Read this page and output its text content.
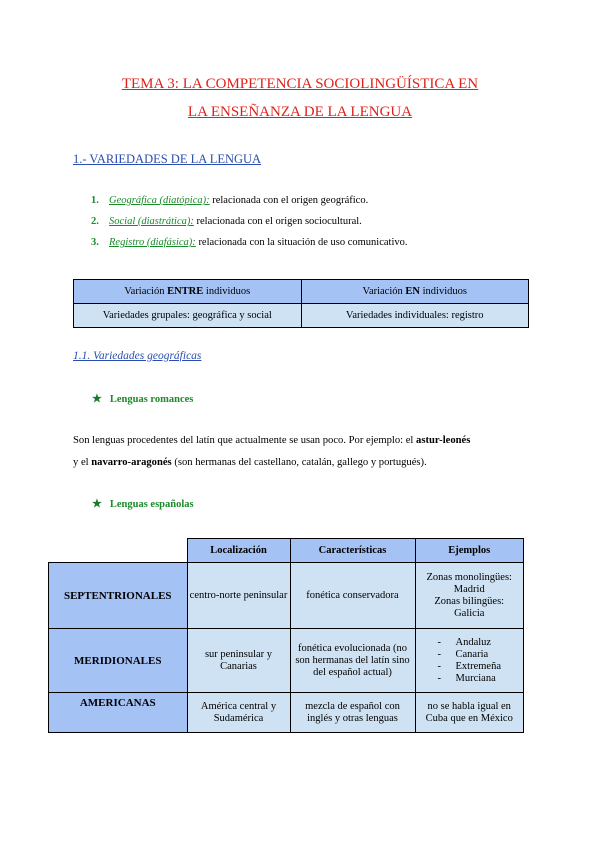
TEMA 3: LA COMPETENCIA SOCIOLINGÜÍSTICA EN
LA ENSEÑANZA DE LA LENGUA
1.- VARIEDADES DE LA LENGUA
1. Geográfica (diatópica): relacionada con el origen geográfico.
2. Social (diastrática): relacionada con el origen sociocultural.
3. Registro (diafásica): relacionada con la situación de uso comunicativo.
Variación ENTRE individuos	Variación EN individuos
Variedades grupales: geográfica y social	Variedades individuales: registro
1.1. Variedades geográficas
★ Lenguas romances
Son lenguas procedentes del latín que actualmente se usan poco. Por ejemplo: el astur-leonés
y el navarro-aragonés (son hermanas del castellano, catalán, gallego y portugués).
★ Lenguas españolas
	Localización	Características	Ejemplos
SEPTENTRIONALES	centro-norte peninsular	fonética conservadora	Zonas monolingües:
Madrid
Zonas bilingües:
Galicia

MERIDIONALES	sur peninsular y Canarias	fonética evolucionada (no son hermanas del latín sino del español actual)	- Andaluz
- Canaria
- Extremeña
- Murciana

AMERICANAS	América central y Sudamérica	mezcla de español con inglés y otras lenguas	no se habla igual en Cuba que en México
